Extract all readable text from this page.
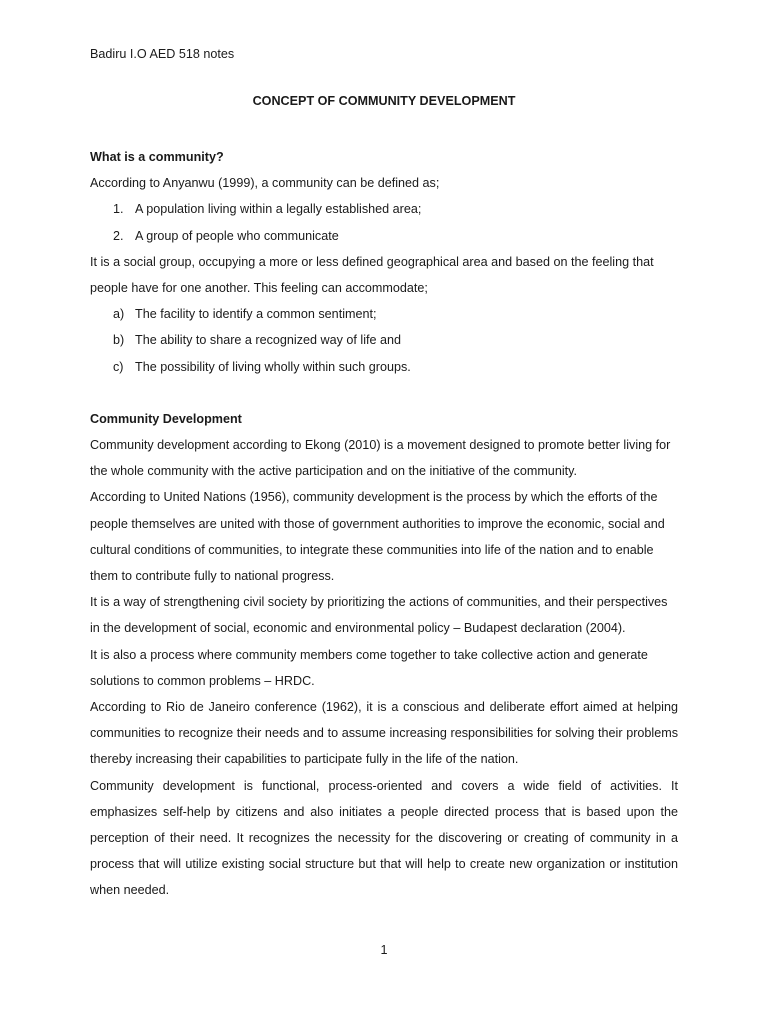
Badiru I.O AED 518 notes
CONCEPT OF COMMUNITY DEVELOPMENT

What is a community?

According to Anyanwu (1999), a community can be defined as;

1. A population living within a legally established area;
2. A group of people who communicate

It is a social group, occupying a more or less defined geographical area and based on the feeling that people have for one another. This feeling can accommodate;

a) The facility to identify a common sentiment;
b) The ability to share a recognized way of life and
c) The possibility of living wholly within such groups.

Community Development

Community development according to Ekong (2010) is a movement designed to promote better living for the whole community with the active participation and on the initiative of the community.

According to United Nations (1956), community development is the process by which the efforts of the people themselves are united with those of government authorities to improve the economic, social and cultural conditions of communities, to integrate these communities into life of the nation and to enable them to contribute fully to national progress.

It is a way of strengthening civil society by prioritizing the actions of communities, and their perspectives in the development of social, economic and environmental policy – Budapest declaration (2004).

It is also a process where community members come together to take collective action and generate solutions to common problems – HRDC.

According to Rio de Janeiro conference (1962), it is a conscious and deliberate effort aimed at helping communities to recognize their needs and to assume increasing responsibilities for solving their problems thereby increasing their capabilities to participate fully in the life of the nation.

Community development is functional, process-oriented and covers a wide field of activities. It emphasizes self-help by citizens and also initiates a people directed process that is based upon the perception of their need. It recognizes the necessity for the discovering or creating of community in a process that will utilize existing social structure but that will help to create new organization or institution when needed.

1
